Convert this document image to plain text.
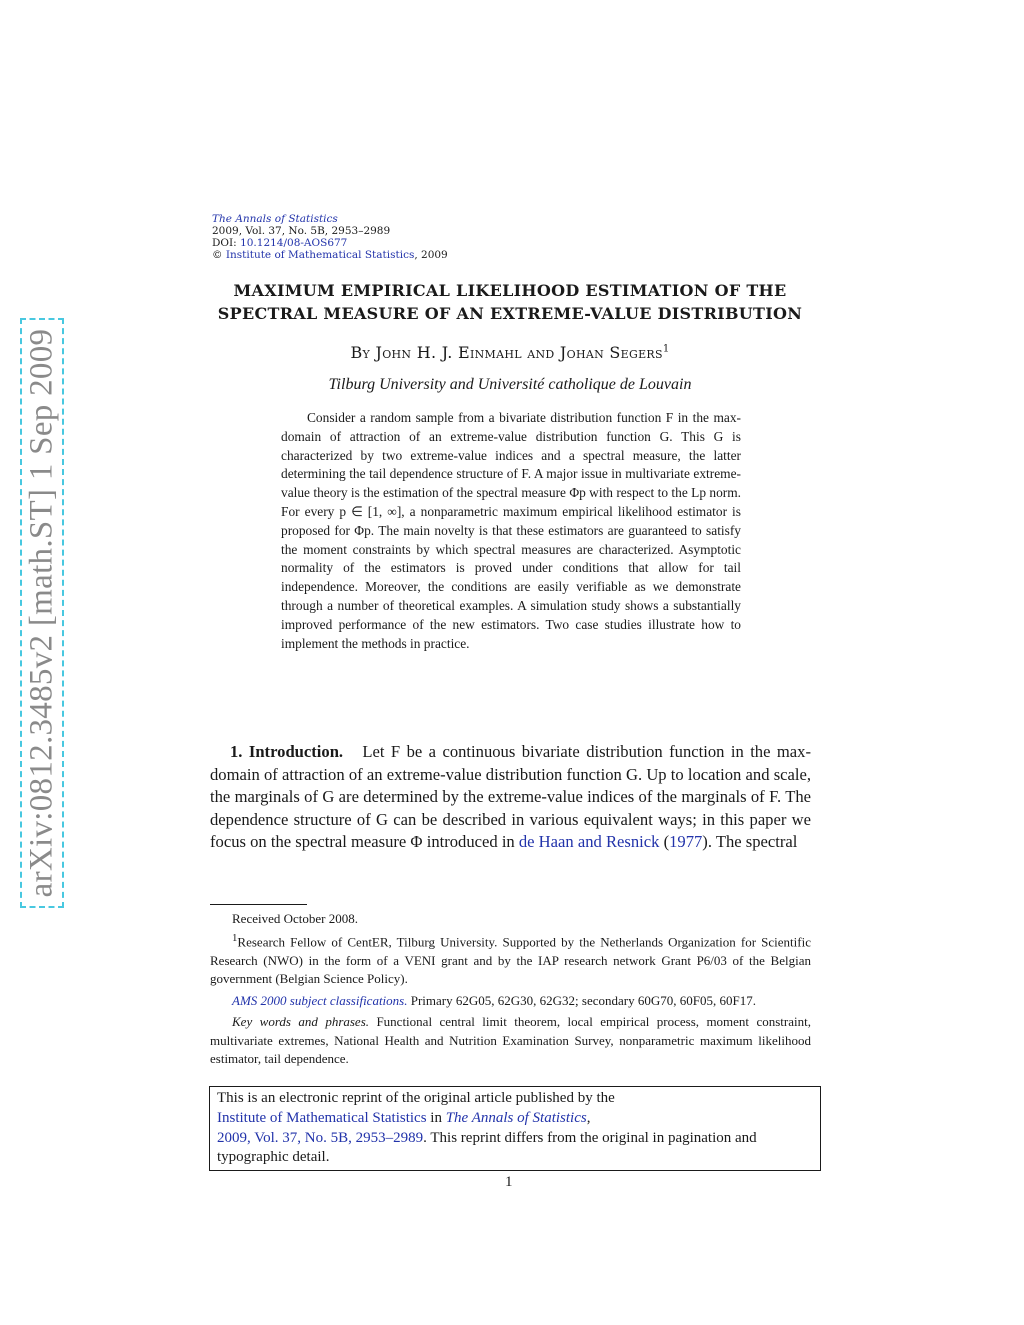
arXiv:0812.3485v2 [math.ST] 1 Sep 2009
The Annals of Statistics
2009, Vol. 37, No. 5B, 2953–2989
DOI: 10.1214/08-AOS677
© Institute of Mathematical Statistics, 2009
MAXIMUM EMPIRICAL LIKELIHOOD ESTIMATION OF THE
SPECTRAL MEASURE OF AN EXTREME-VALUE DISTRIBUTION
By John H. J. Einmahl and Johan Segers$^1$
Tilburg University and Université catholique de Louvain
Consider a random sample from a bivariate distribution function F in the max-domain of attraction of an extreme-value distribution function G. This G is characterized by two extreme-value indices and a spectral measure, the latter determining the tail dependence structure of F. A major issue in multivariate extreme-value theory is the estimation of the spectral measure Φp with respect to the Lp norm. For every p ∈ [1, ∞], a nonparametric maximum empirical likelihood estimator is proposed for Φp. The main novelty is that these estimators are guaranteed to satisfy the moment constraints by which spectral measures are characterized. Asymptotic normality of the estimators is proved under conditions that allow for tail independence. Moreover, the conditions are easily verifiable as we demonstrate through a number of theoretical examples. A simulation study shows a substantially improved performance of the new estimators. Two case studies illustrate how to implement the methods in practice.
1. Introduction. Let F be a continuous bivariate distribution function in the max-domain of attraction of an extreme-value distribution function G. Up to location and scale, the marginals of G are determined by the extreme-value indices of the marginals of F. The dependence structure of G can be described in various equivalent ways; in this paper we focus on the spectral measure Φ introduced in de Haan and Resnick (1977). The spectral

Received October 2008.

$^1$Research Fellow of CentER, Tilburg University. Supported by the Netherlands Organization for Scientific Research (NWO) in the form of a VENI grant and by the IAP research network Grant P6/03 of the Belgian government (Belgian Science Policy).

AMS 2000 subject classifications. Primary 62G05, 62G30, 62G32; secondary 60G70, 60F05, 60F17.

Key words and phrases. Functional central limit theorem, local empirical process, moment constraint, multivariate extremes, National Health and Nutrition Examination Survey, nonparametric maximum likelihood estimator, tail dependence.

This is an electronic reprint of the original article published by the
Institute of Mathematical Statistics in The Annals of Statistics,
2009, Vol. 37, No. 5B, 2953–2989. This reprint differs from the original in pagination and typographic detail.
1
